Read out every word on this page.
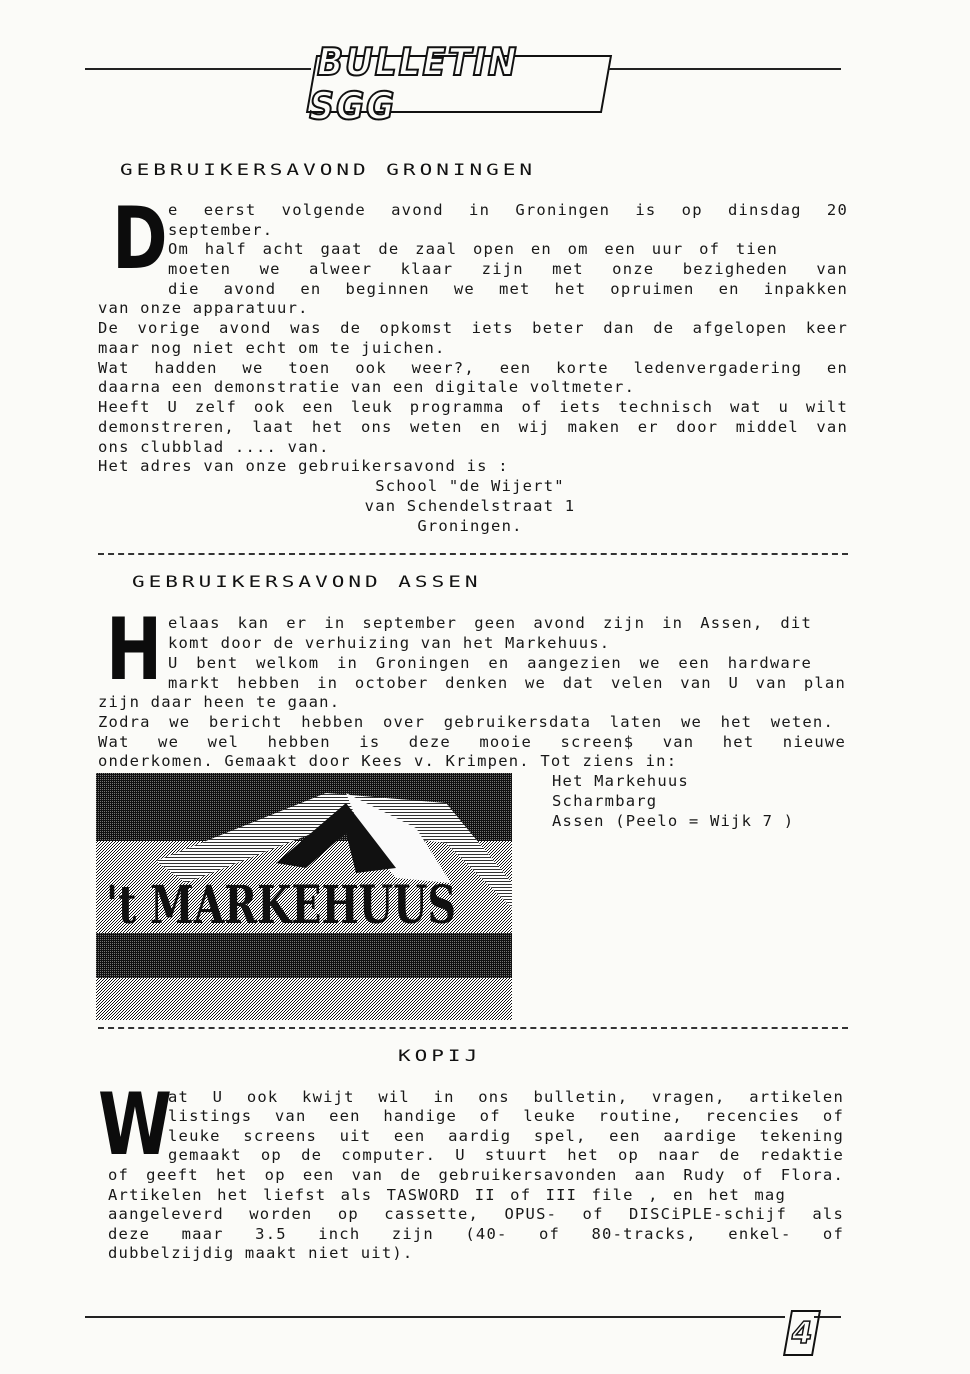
BULLETIN SGG
GEBRUIKERSAVOND GRONINGEN
D e eerst volgende avond in Groningen is op dinsdag 20
september.
Om half acht gaat de zaal open en om een uur of tien
moeten we alweer klaar zijn met onze bezigheden van
die avond en beginnen we met het opruimen en inpakken
van onze apparatuur.
De vorige avond was de opkomst iets beter dan de afgelopen keer
maar nog niet echt om te juichen.
Wat hadden we toen ook weer?, een korte ledenvergadering en
daarna een demonstratie van een digitale voltmeter.
Heeft U zelf ook een leuk programma of iets technisch wat u wilt
demonstreren, laat het ons weten en wij maken er door middel van
ons clubblad .... van.
Het adres van onze gebruikersavond is :
School "de Wijert"
van Schendelstraat 1
Groningen.
GEBRUIKERSAVOND ASSEN
H elaas kan er in september geen avond zijn in Assen, dit
komt door de verhuizing van het Markehuus.
U bent welkom in Groningen en aangezien we een hardware
markt hebben in october denken we dat velen van U van plan
zijn daar heen te gaan.
Zodra we bericht hebben over gebruikersdata laten we het weten.
Wat we wel hebben is deze mooie screen$ van het nieuwe
onderkomen. Gemaakt door Kees v. Krimpen. Tot ziens in:
Het Markehuus
Scharmbarg
Assen (Peelo = Wijk 7 )
't MARKEHUUS
KOPIJ
W
at U ook kwijt wil in ons bulletin, vragen, artikelen
listings van een handige of leuke routine, recencies of
leuke screens uit een aardig spel, een aardige tekening
gemaakt op de computer. U stuurt het op naar de redaktie
of geeft het op een van de gebruikersavonden aan Rudy of Flora.
Artikelen het liefst als TASWORD II of III file , en het mag
aangeleverd worden op cassette, OPUS- of DISCiPLE-schijf als
deze maar 3.5 inch zijn (40- of 80-tracks, enkel- of
dubbelzijdig maakt niet uit).
4
